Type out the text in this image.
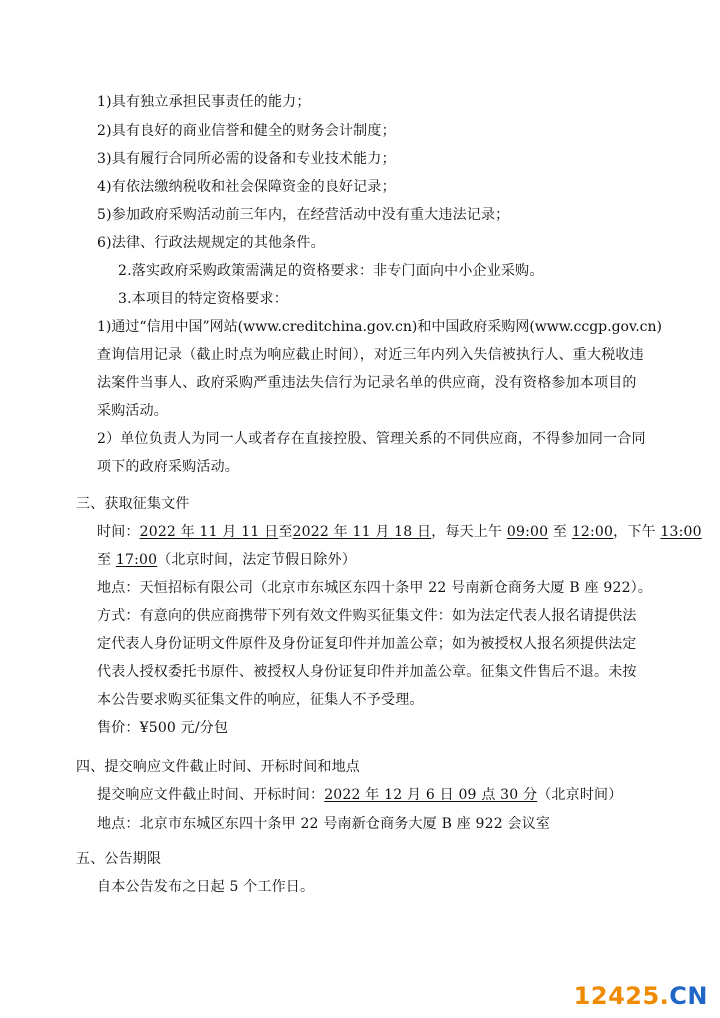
1)具有独立承担民事责任的能力；
2)具有良好的商业信誉和健全的财务会计制度；
3)具有履行合同所必需的设备和专业技术能力；
4)有依法缴纳税收和社会保障资金的良好记录；
5)参加政府采购活动前三年内，在经营活动中没有重大违法记录；
6)法律、行政法规规定的其他条件。
2.落实政府采购政策需满足的资格要求：非专门面向中小企业采购。
3.本项目的特定资格要求：
1)通过“信用中国”网站(www.creditchina.gov.cn)和中国政府采购网(www.ccgp.gov.cn)
查询信用记录（截止时点为响应截止时间），对近三年内列入失信被执行人、重大税收违
法案件当事人、政府采购严重违法失信行为记录名单的供应商，没有资格参加本项目的
采购活动。
2）单位负责人为同一人或者存在直接控股、管理关系的不同供应商，不得参加同一合同
项下的政府采购活动。
三、获取征集文件
时间：2022 年 11 月 11 日至2022 年 11 月 18 日，每天上午 09:00 至 12:00，下午 13:00
至 17:00（北京时间，法定节假日除外）
地点：天恒招标有限公司（北京市东城区东四十条甲 22 号南新仓商务大厦 B 座 922）。
方式：有意向的供应商携带下列有效文件购买征集文件：如为法定代表人报名请提供法
定代表人身份证明文件原件及身份证复印件并加盖公章；如为被授权人报名须提供法定
代表人授权委托书原件、被授权人身份证复印件并加盖公章。征集文件售后不退。未按
本公告要求购买征集文件的响应，征集人不予受理。
售价：¥500 元/分包
四、提交响应文件截止时间、开标时间和地点
提交响应文件截止时间、开标时间：2022 年 12 月 6 日 09 点 30 分（北京时间）
地点：北京市东城区东四十条甲 22 号南新仓商务大厦 B 座 922 会议室
五、公告期限
自本公告发布之日起 5 个工作日。
12425.CN
